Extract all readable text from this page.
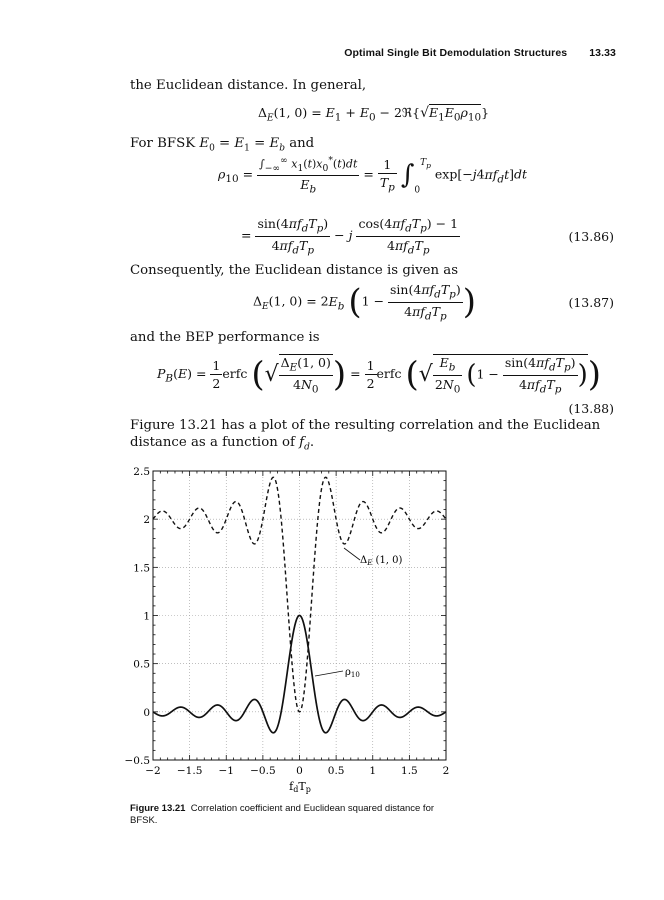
Optimal Single Bit Demodulation Structures 13.33
the Euclidean distance. In general,
$\Delta_E(1$, $0) = E_1 + E_0$ − $2ℜ\{√E_1E_0\rho_{10}\}$
For BFSK $E_0 = E_1 = E_b$ and
$\rho_{10} = \frac{\int_{-\infty}^\infty x_1(t)x_0^*(t)dt}{E_b} = \frac{1}{T_p} \int_0^{T_p}$ $\exp[-j4\pi f_dt]dt$
= $\frac{\sin(4\pi f_dT_p)}{4\pi f_dT_p} - j \frac{\cos(4\pi f_dT_p) - 1}{4\pi f_dT_p}$	(13.86)
Consequently, the Euclidean distance is given as
$\Delta_E(1$, $0) = 2E_b$ ($1 - \frac{\sin(4\pi f_dT_p)}{4\pi f_dT_p}$ )	(13.87)
and the BEP performance is
$P_B(E) = \frac{1}{2}$ erfc (√ $\frac{\Delta_E(1, 0)}{4N_0}$ ) = $\frac{1}{2}$ erfc (√ $\frac{E_b}{2N_0} (1 - \frac{\sin(4\pi f_dT_p)}{4\pi f_dT_p}$ ))
(13.88)
Figure 13.21 has a plot of the resulting correlation and the Euclidean distance as a function of $f_d$.
−2 −1.5 −1 −0.5 0 0.5 1 1.5 2
−0.5
0
0.5
1
1.5
2
2.5
fdTp
$\Delta_E$ (1, 0)
$\rho_{10}$
Figure 13.21 Correlation coefficient and Euclidean squared distance for BFSK.
